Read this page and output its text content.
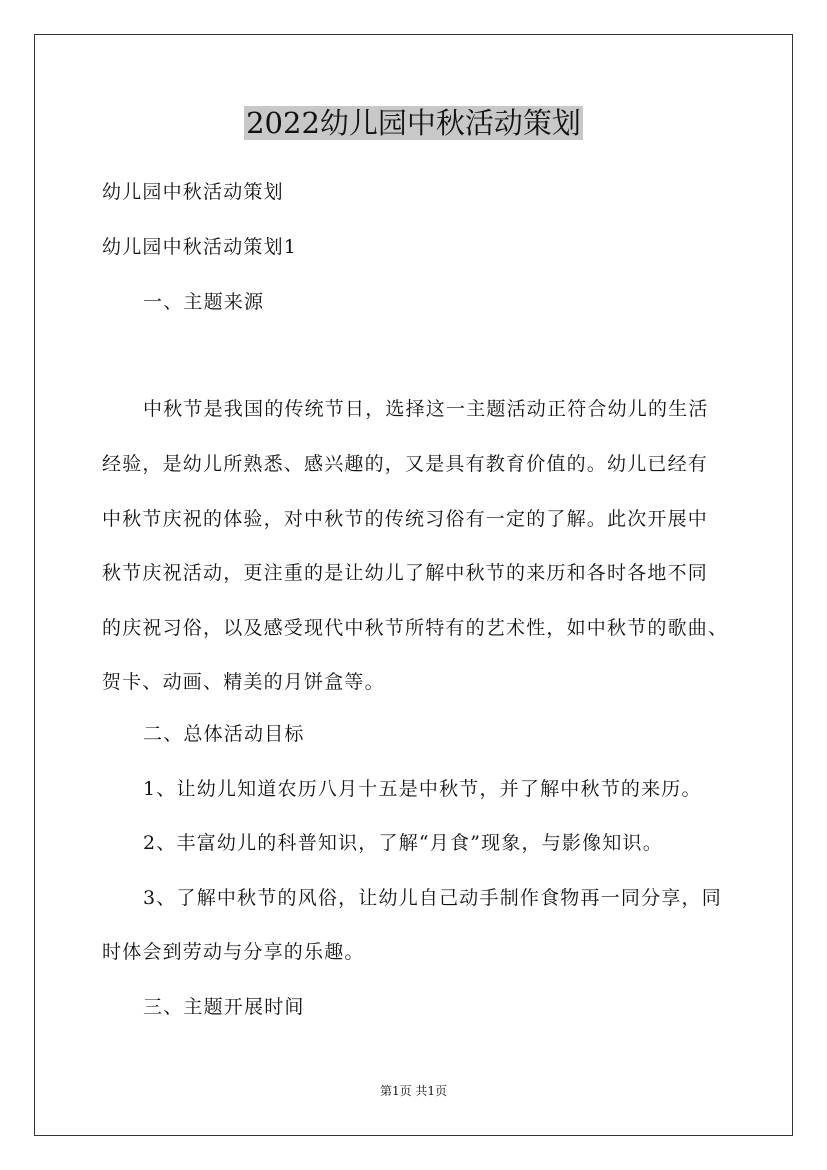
2022幼儿园中秋活动策划
幼儿园中秋活动策划
幼儿园中秋活动策划1
一、主题来源
中秋节是我国的传统节日，选择这一主题活动正符合幼儿的生活
经验，是幼儿所熟悉、感兴趣的，又是具有教育价值的。幼儿已经有
中秋节庆祝的体验，对中秋节的传统习俗有一定的了解。此次开展中
秋节庆祝活动，更注重的是让幼儿了解中秋节的来历和各时各地不同
的庆祝习俗，以及感受现代中秋节所特有的艺术性，如中秋节的歌曲、
贺卡、动画、精美的月饼盒等。
二、总体活动目标
1、让幼儿知道农历八月十五是中秋节，并了解中秋节的来历。
2、丰富幼儿的科普知识，了解“月食”现象，与影像知识。
3、了解中秋节的风俗，让幼儿自己动手制作食物再一同分享，同
时体会到劳动与分享的乐趣。
三、主题开展时间
第1页 共1页
